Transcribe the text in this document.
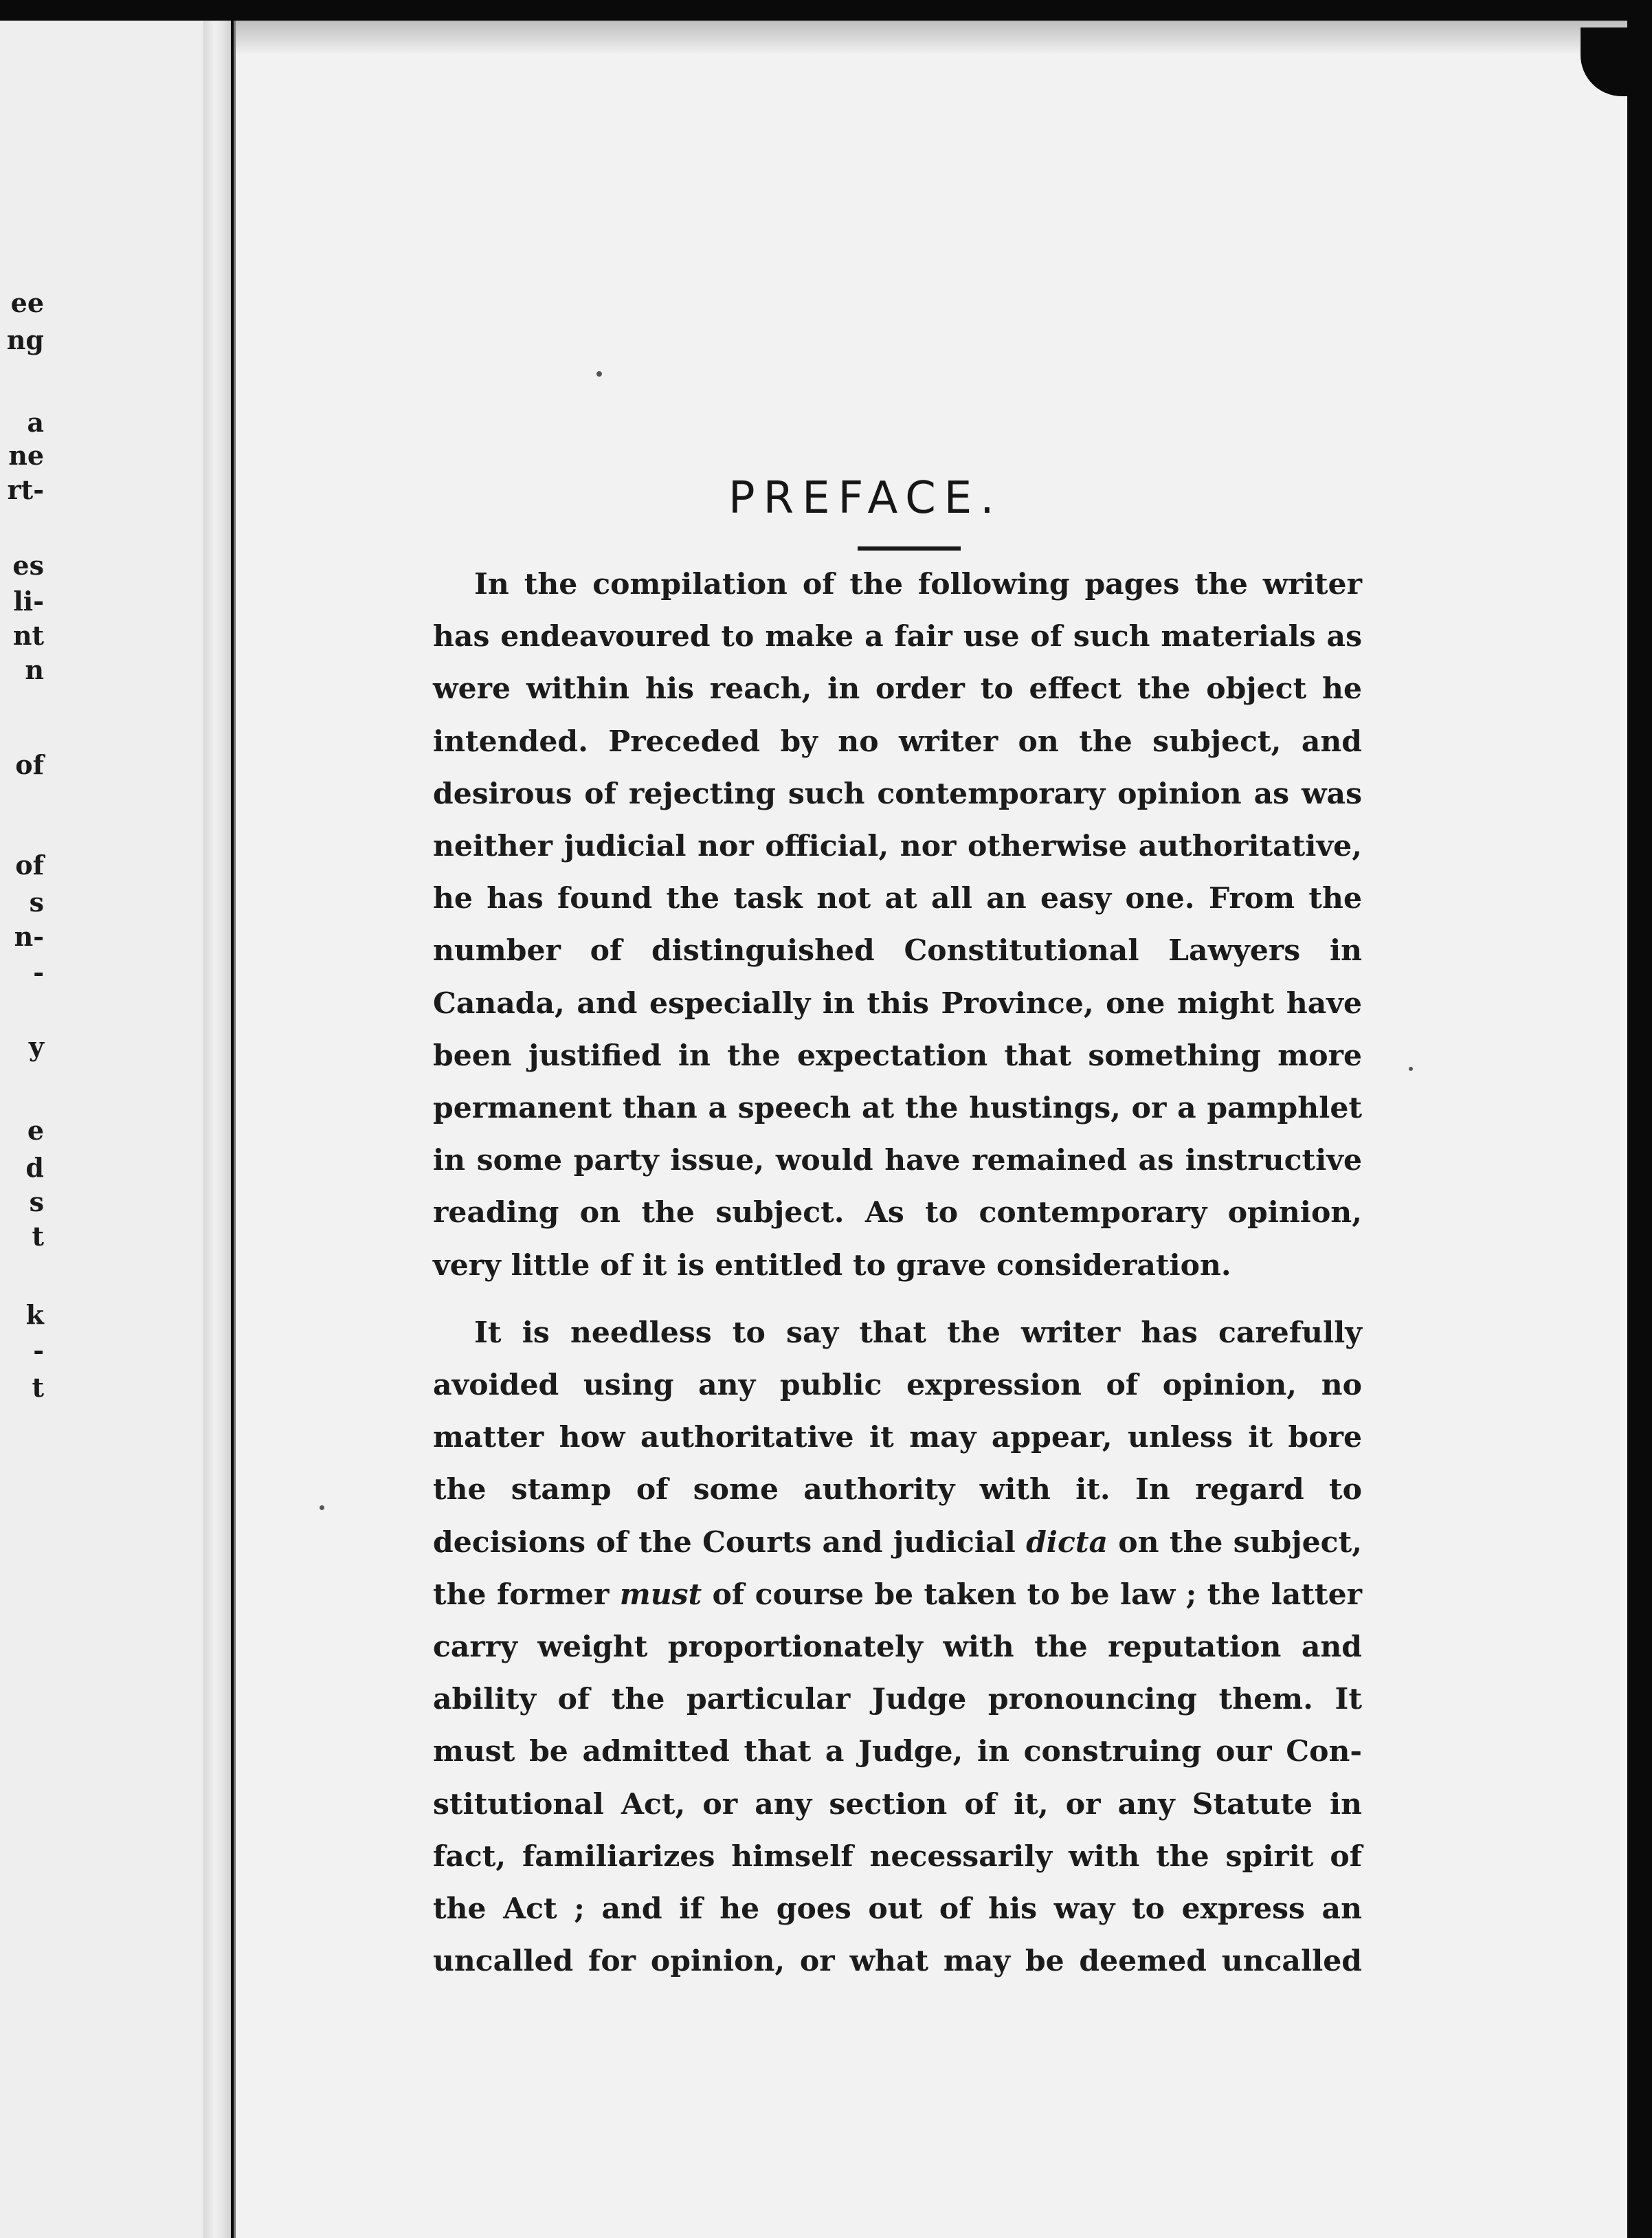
ee
ng
a
ne
rt-
es
li-
nt
n
of
of
s
n-
-
y
e
d
s
t
k
-
t
PREFACE.
In the compilation of the following pages the writer
has endeavoured to make a fair use of such materials as
were within his reach, in order to effect the object he
intended. Preceded by no writer on the subject, and
desirous of rejecting such contemporary opinion as was
neither judicial nor official, nor otherwise authoritative,
he has found the task not at all an easy one. From the
number of distinguished Constitutional Lawyers in
Canada, and especially in this Province, one might have
been justified in the expectation that something more
permanent than a speech at the hustings, or a pamphlet
in some party issue, would have remained as instructive
reading on the subject. As to contemporary opinion,
very little of it is entitled to grave consideration.
It is needless to say that the writer has carefully
avoided using any public expression of opinion, no
matter how authoritative it may appear, unless it bore
the stamp of some authority with it. In regard to
decisions of the Courts and judicial dicta on the subject,
the former must of course be taken to be law ; the latter
carry weight proportionately with the reputation and
ability of the particular Judge pronouncing them. It
must be admitted that a Judge, in construing our Con-
stitutional Act, or any section of it, or any Statute in
fact, familiarizes himself necessarily with the spirit of
the Act ; and if he goes out of his way to express an
uncalled for opinion, or what may be deemed uncalled
